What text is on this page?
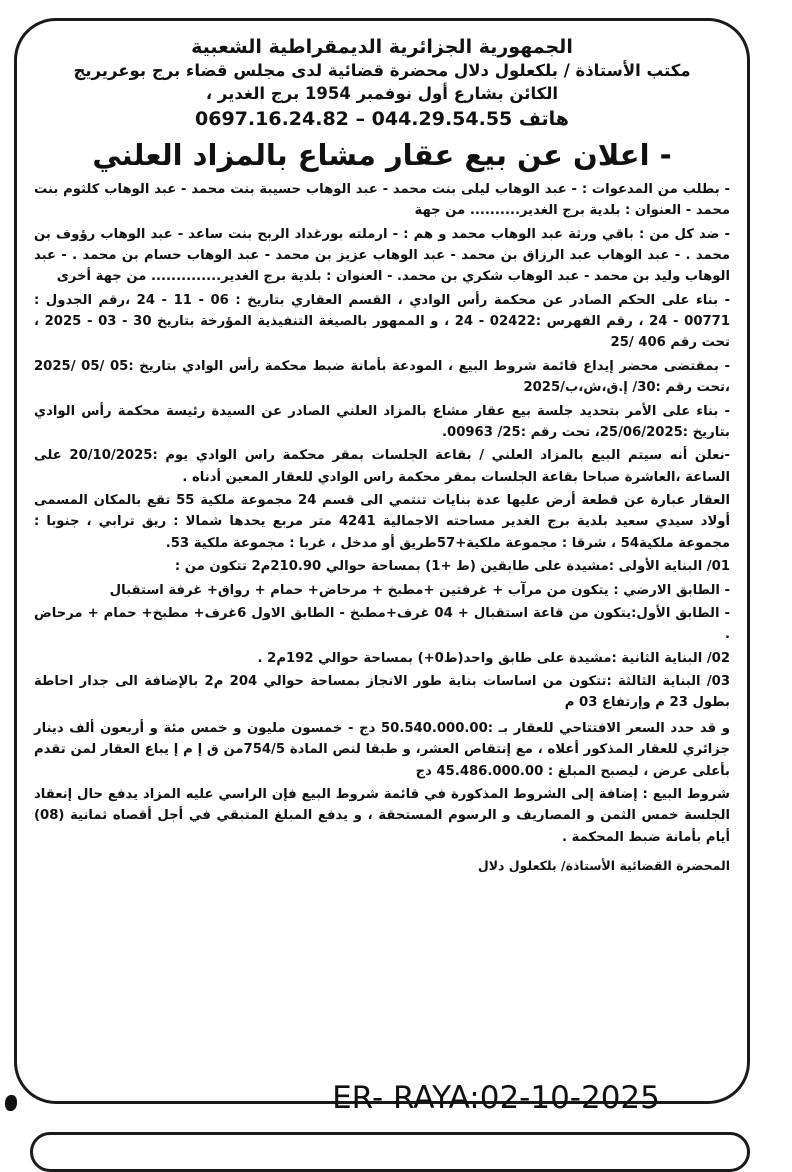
الجمهورية الجزائرية الديمقراطية الشعبية
مكتب الأستاذة / بلكعلول دلال محضرة قضائية لدى مجلس قضاء برج بوعريريج
الكائن بشارع أول نوفمبر 1954 برج الغدير ،
هاتف 044.29.54.55 – 0697.16.24.82
- اعلان عن بيع عقار مشاع بالمزاد العلني
- بطلب من المدعوات : - عبد الوهاب ليلى بنت محمد - عبد الوهاب حسيبة بنت محمد - عبد الوهاب كلثوم بنت محمد - العنوان : بلدية برج الغدير.......... من جهة
- ضد كل من : باقي ورثة عبد الوهاب محمد و هم : - ارملته بورغداد الربح بنت ساعد - عبد الوهاب رؤوف بن محمد . - عبد الوهاب عبد الرزاق بن محمد - عبد الوهاب عزيز بن محمد - عبد الوهاب حسام بن محمد . - عبد الوهاب وليد بن محمد - عبد الوهاب شكري بن محمد. - العنوان : بلدية برج الغدير.............. من جهة أخرى
- بناء على الحكم الصادر عن محكمة رأس الوادي ، القسم العقاري بتاريخ : 06 - 11 - 24 ،رقم الجدول : 00771 - 24 ، رقم الفهرس :02422 - 24 ، و الممهور بالصيغة التنفيذية المؤرخة بتاريخ 30 - 03 - 2025 ، تحت رقم 406 /25
- بمقتضى محضر إيداع قائمة شروط البيع ، المودعة بأمانة ضبط محكمة رأس الوادي بتاريخ :05 /05 /2025 ،تحت رقم :30/ إ.ق،ش،ب/2025
- بناء على الأمر بتحديد جلسة بيع عقار مشاع بالمزاد العلني الصادر عن السيدة رئيسة محكمة رأس الوادي بتاريخ :25/06/2025، تحت رقم :25/ 00963.
-نعلن أنه سيتم البيع بالمزاد العلني / بقاعة الجلسات بمقر محكمة راس الوادي يوم :20/10/2025 على الساعة ،العاشرة صباحا بقاعة الجلسات بمقر محكمة راس الوادي للعقار المعين أدناه .
العقار عبارة عن قطعة أرض عليها عدة بنايات تنتمي الى قسم 24 مجموعة ملكية 55 تقع بالمكان المسمى أولاد سيدي سعيد بلدية برج الغدير مساحته الاجمالية 4241 متر مربع يحدها شمالا : ريق ترابي ، جنوبا : مجموعة ملكية54 ، شرقا : مجموعة ملكية+57طريق أو مدخل ، غربا : مجموعة ملكية 53.
01/ البناية الأولى :مشيدة على طابقين (ط +1) بمساحة حوالي 210.90م2 تتكون من :
- الطابق الارضي : يتكون من مرآب + غرفتين +مطبخ + مرحاض+ حمام + رواق+ غرفة استقبال
- الطابق الأول:يتكون من قاعة استقبال + 04 غرف+مطبخ - الطابق الاول 6غرف+ مطبخ+ حمام + مرحاض .
02/ البناية الثانية :مشيدة على طابق واحد(ط0+) بمساحة حوالي 192م2 .
03/ البناية الثالثة :تتكون من اساسات بناية طور الانجاز بمساحة حوالي 204 م2 بالإضافة الى جدار احاطة بطول 23 م وإرتفاع 03 م
و قد حدد السعر الافتتاحي للعقار بـ :50.540.000.00 دج - خمسون مليون و خمس مئة و أربعون ألف دينار جزائري للعقار المذكور أعلاه ، مع إنتقاص العشر، و طبقا لنص المادة 754/5من ق إ م إ يباع العقار لمن تقدم بأعلى عرض ، ليصبح المبلغ : 45.486.000.00 دج
شروط البيع : إضافة إلى الشروط المذكورة في قائمة شروط البيع فإن الراسي عليه المزاد يدفع حال إنعقاد الجلسة خمس الثمن و المصاريف و الرسوم المستحقة ، و يدفع المبلغ المتبقي في أجل أقصاه ثمانية (08) أيام بأمانة ضبط المحكمة .
المحضرة القضائية الأستاذة/ بلكعلول دلال
ER- RAYA:02-10-2025
